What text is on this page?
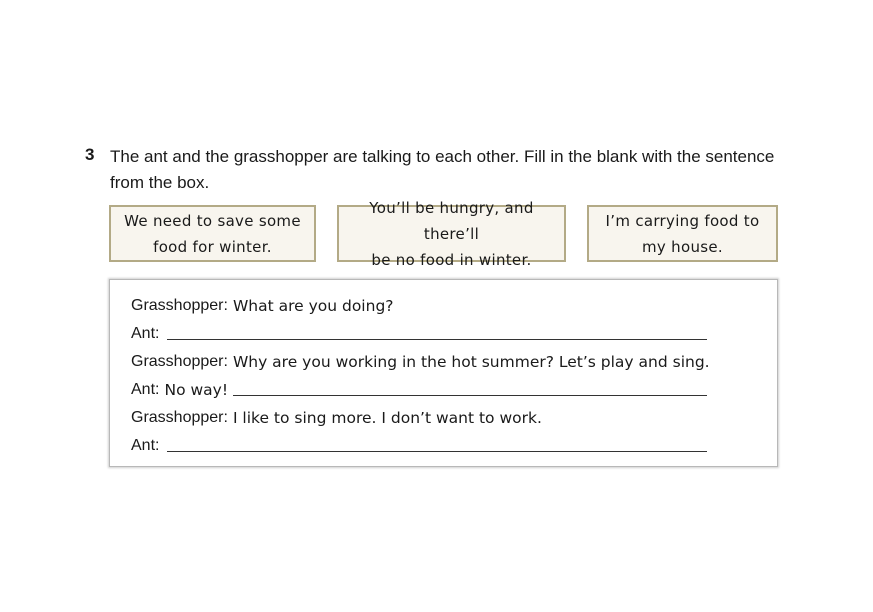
3 The ant and the grasshopper are talking to each other. Fill in the blank with the sentence from the box.
We need to save some
food for winter.
You’ll be hungry, and there’ll
be no food in winter.
I’m carrying food to
my house.
Grasshopper: What are you doing?
Ant:
Grasshopper: Why are you working in the hot summer? Let’s play and sing.
Ant: No way!
Grasshopper: I like to sing more. I don’t want to work.
Ant:
